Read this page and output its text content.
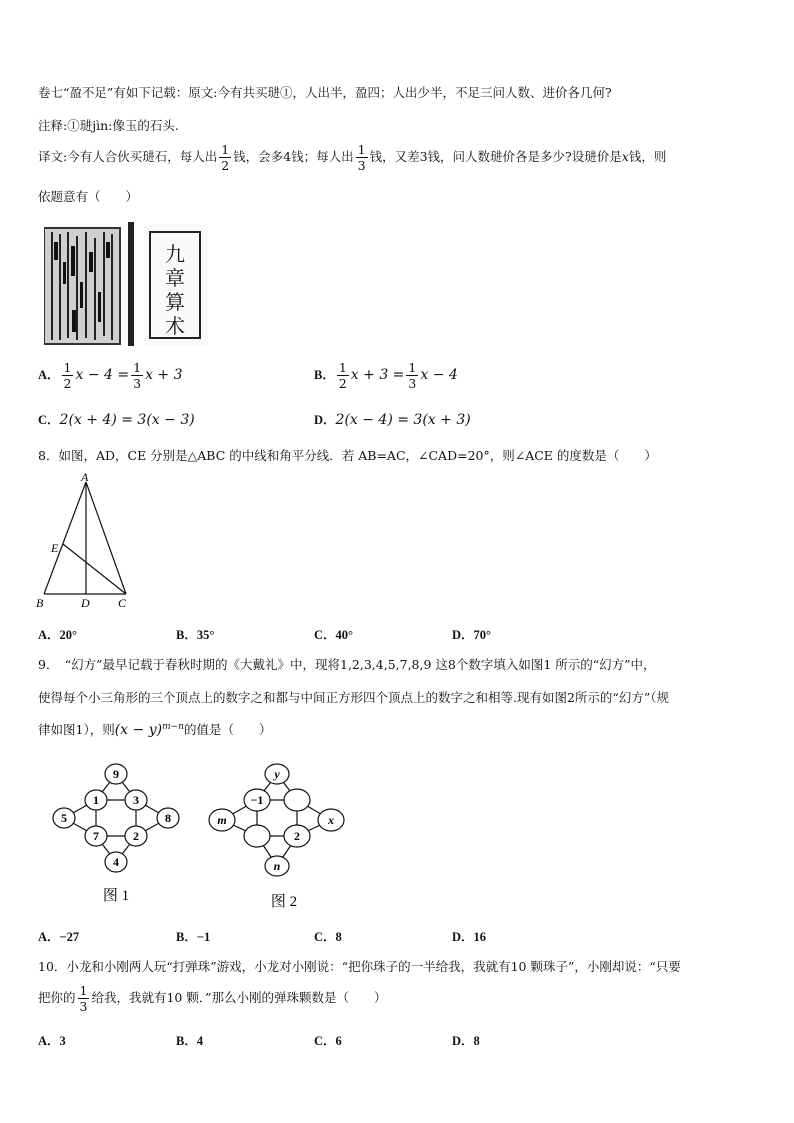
卷七“盈不足”有如下记载：原文:今有共买琎①，人出半，盈四；人出少半，不足三问人数、进价各几何?
注释:①琎jìn:像玉的石头.
译文:今有人合伙买琎石，每人出 $\frac{1}{2}$ 钱，会多4钱；每人出 $\frac{1}{3}$ 钱，又差3钱，问人数琎价各是多少?设琎价是x钱，则
依题意有（　　）
九
章
算
术
A． $\frac{1}{2}$ $x - 4 = \frac{1}{3}$ x + 3	B． $\frac{1}{2}$ $x + 3 = \frac{1}{3}$ x − 4
C．2(x + 4) = 3(x − 3)	D．2(x − 4) = 3(x + 3)
8．如图，AD，CE 分别是△ABC 的中线和角平分线．若 AB=AC，∠CAD=20°，则∠ACE 的度数是（　　）
A
B	C
D
E
A．20°	B．35°	C．40°	D．70°
9．　“幻方”最早记载于春秋时期的《大戴礼》中，现将1,2,3,4,5,7,8,9 这8个数字填入如图1 所示的“幻方”中，
使得每个小三角形的三个顶点上的数字之和都与中间正方形四个顶点上的数字之和相等.现有如图2所示的“幻方”（规
律如图1），则$(x - y)^{m-n}$的值是（　　）
9
1	3
5	8
7	2
4
图 1
y
m	x
n
−1
2
图 2
A．−27	B．−1	C．8	D．16
10．小龙和小刚两人玩“打弹珠”游戏，小龙对小刚说：“把你珠子的一半给我，我就有10 颗珠子”，小刚却说：“只要
把你的 $\frac{1}{3}$ 给我，我就有10 颗．”那么小刚的弹珠颗数是（　　）
A．3	B．4	C．6	D．8
